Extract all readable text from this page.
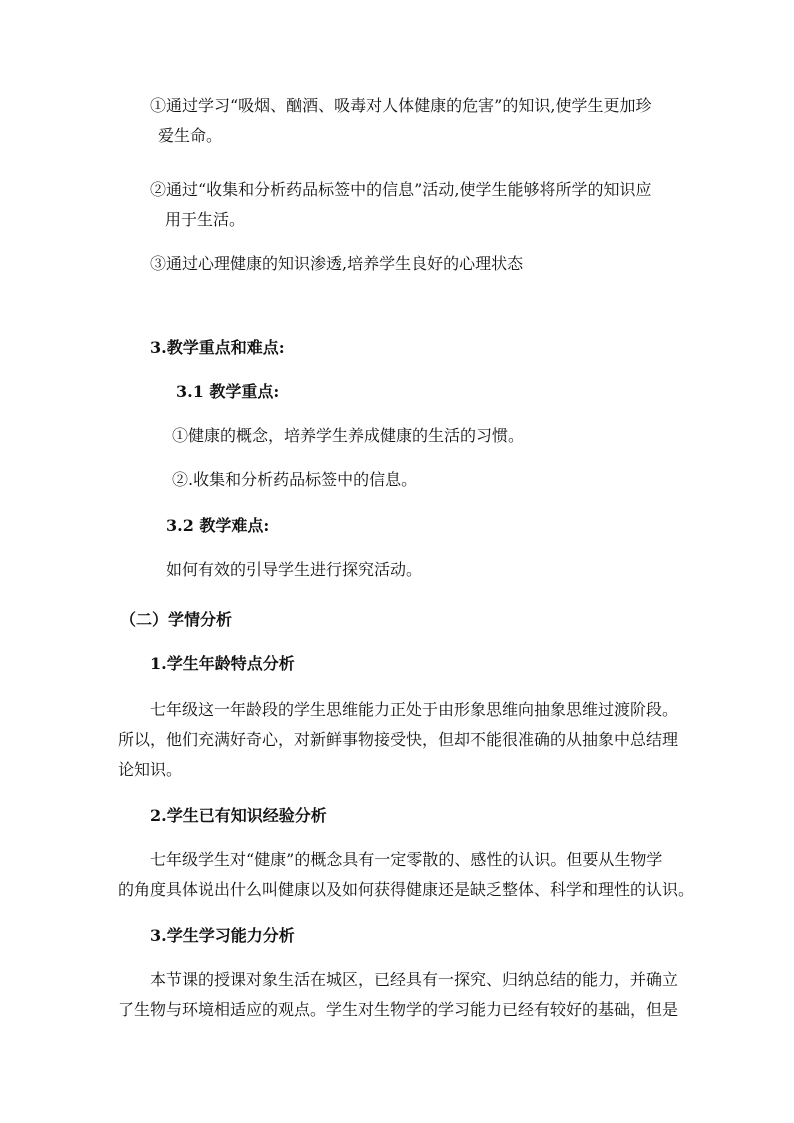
①通过学习“吸烟、酗酒、吸毒对人体健康的危害”的知识,使学生更加珍
爱生命。
②通过“收集和分析药品标签中的信息”活动,使学生能够将所学的知识应
用于生活。
③通过心理健康的知识渗透,培养学生良好的心理状态
3.教学重点和难点:
3.1 教学重点:
①健康的概念，培养学生养成健康的生活的习惯。
②.收集和分析药品标签中的信息。
3.2 教学难点:
如何有效的引导学生进行探究活动。
（二）学情分析
1.学生年龄特点分析
七年级这一年龄段的学生思维能力正处于由形象思维向抽象思维过渡阶段。
所以，他们充满好奇心，对新鲜事物接受快，但却不能很准确的从抽象中总结理
论知识。
2.学生已有知识经验分析
七年级学生对“健康”的概念具有一定零散的、感性的认识。但要从生物学
的角度具体说出什么叫健康以及如何获得健康还是缺乏整体、科学和理性的认识。
3.学生学习能力分析
本节课的授课对象生活在城区，已经具有一探究、归纳总结的能力，并确立
了生物与环境相适应的观点。学生对生物学的学习能力已经有较好的基础，但是
